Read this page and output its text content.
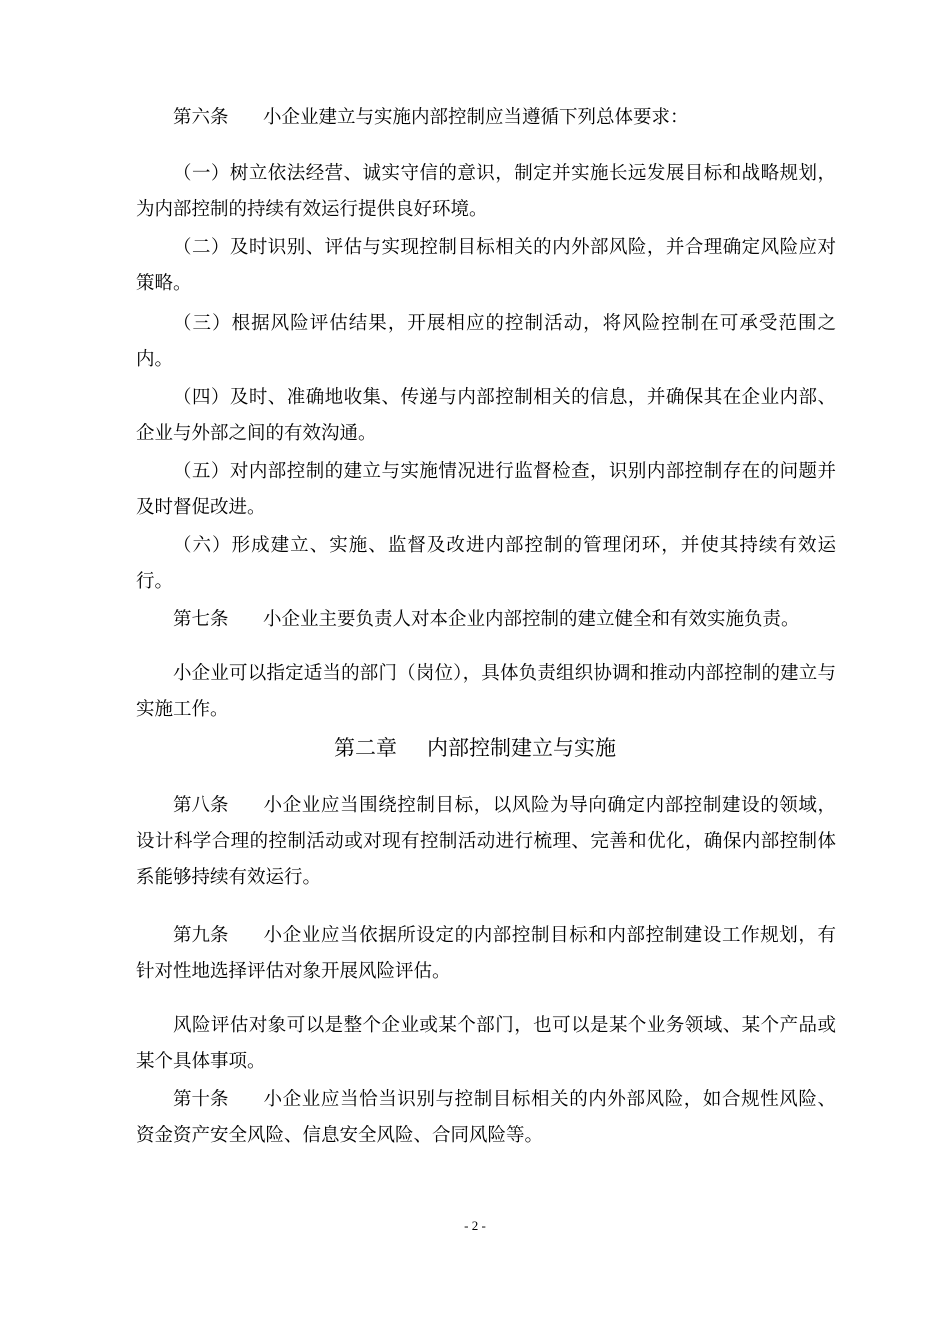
第六条 小企业建立与实施内部控制应当遵循下列总体要求：

（一）树立依法经营、诚实守信的意识，制定并实施长远发展目标和战略规划，为内部控制的持续有效运行提供良好环境。

（二）及时识别、评估与实现控制目标相关的内外部风险，并合理确定风险应对策略。

（三）根据风险评估结果，开展相应的控制活动，将风险控制在可承受范围之内。

（四）及时、准确地收集、传递与内部控制相关的信息，并确保其在企业内部、企业与外部之间的有效沟通。

（五）对内部控制的建立与实施情况进行监督检查，识别内部控制存在的问题并及时督促改进。

（六）形成建立、实施、监督及改进内部控制的管理闭环，并使其持续有效运行。

第七条 小企业主要负责人对本企业内部控制的建立健全和有效实施负责。

小企业可以指定适当的部门（岗位），具体负责组织协调和推动内部控制的建立与实施工作。

第二章 内部控制建立与实施

第八条 小企业应当围绕控制目标，以风险为导向确定内部控制建设的领域，设计科学合理的控制活动或对现有控制活动进行梳理、完善和优化，确保内部控制体系能够持续有效运行。

第九条 小企业应当依据所设定的内部控制目标和内部控制建设工作规划，有针对性地选择评估对象开展风险评估。

风险评估对象可以是整个企业或某个部门，也可以是某个业务领域、某个产品或某个具体事项。

第十条 小企业应当恰当识别与控制目标相关的内外部风险，如合规性风险、资金资产安全风险、信息安全风险、合同风险等。

- 2 -
